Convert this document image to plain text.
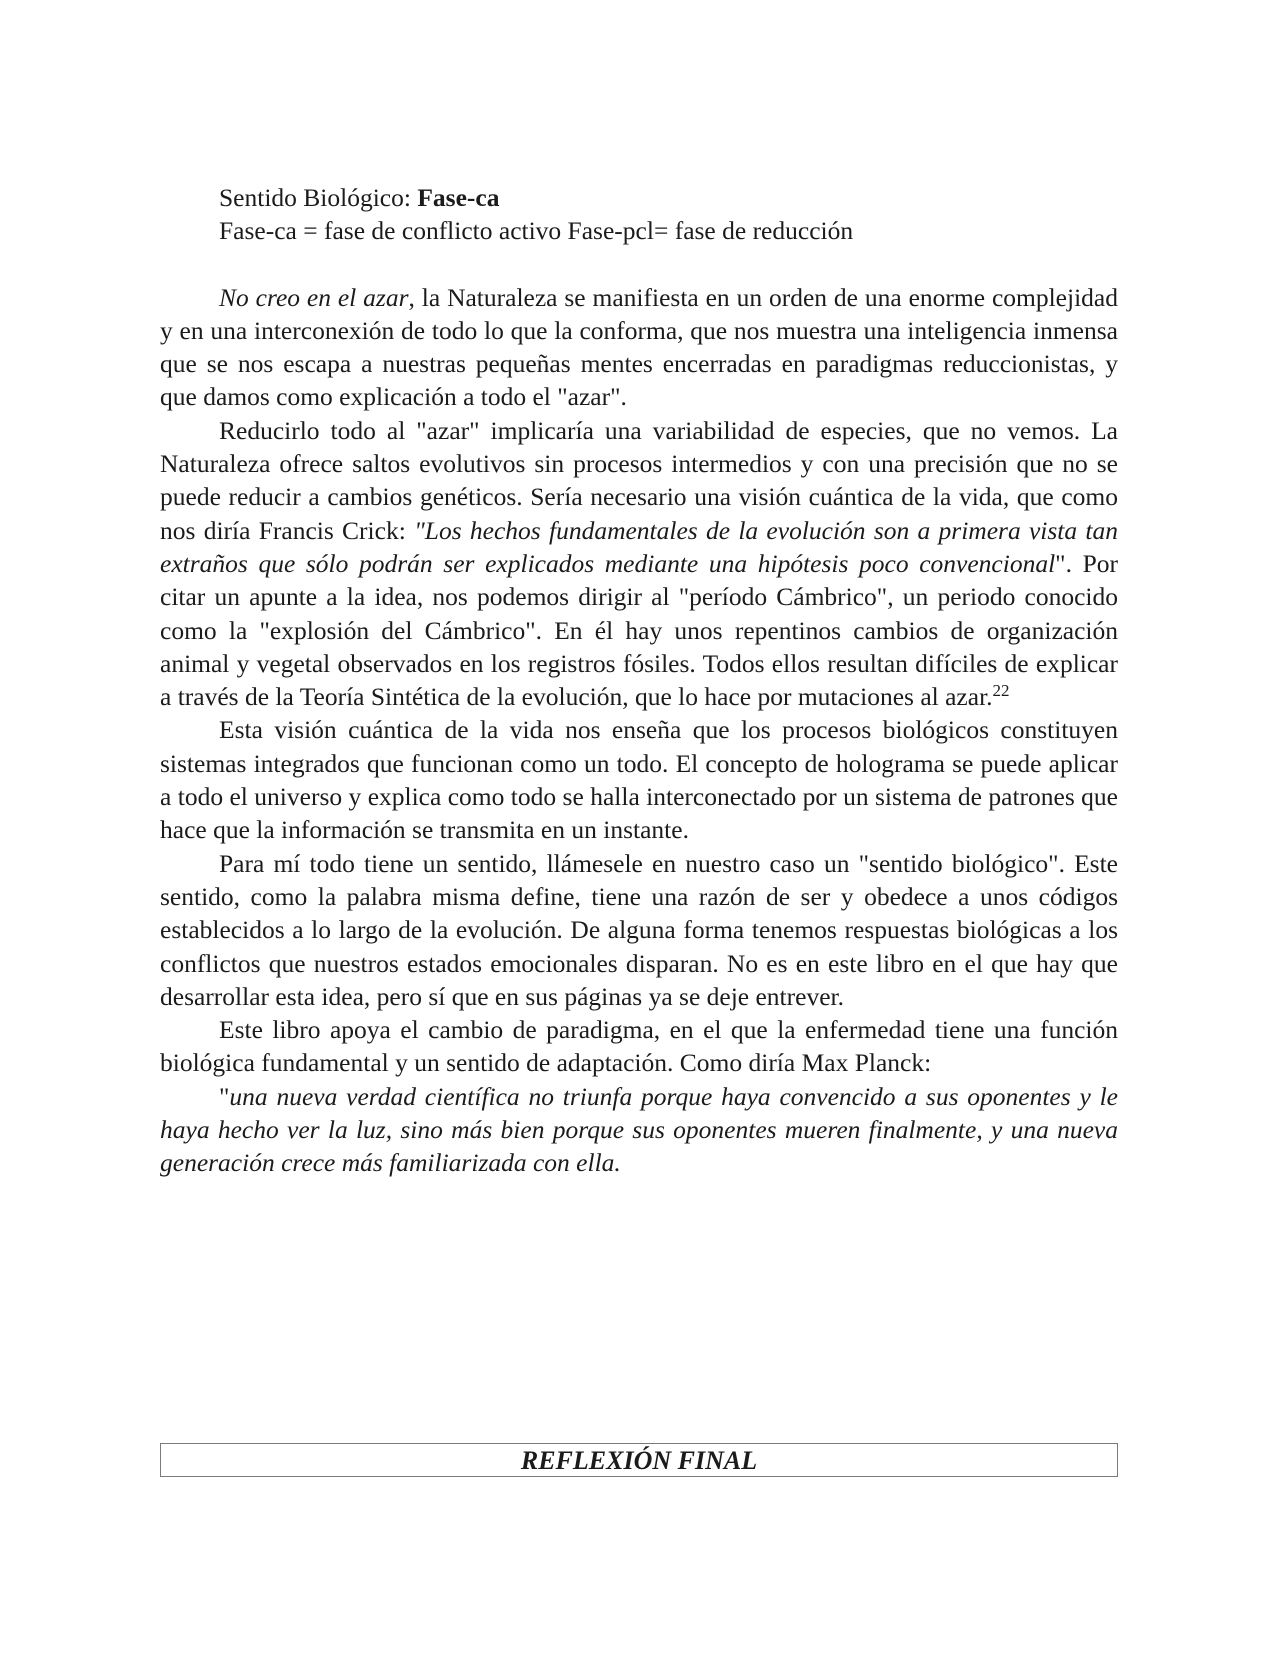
Sentido Biológico: Fase-ca

Fase-ca = fase de conflicto activo Fase-pcl= fase de reducción

No creo en el azar, la Naturaleza se manifiesta en un orden de una enorme complejidad y en una interconexión de todo lo que la conforma, que nos muestra una inteligencia inmensa que se nos escapa a nuestras pequeñas mentes encerradas en paradigmas reduccionistas, y que damos como explicación a todo el "azar".

Reducirlo todo al "azar" implicaría una variabilidad de especies, que no vemos. La Naturaleza ofrece saltos evolutivos sin procesos intermedios y con una precisión que no se puede reducir a cambios genéticos. Sería necesario una visión cuántica de la vida, que como nos diría Francis Crick: "Los hechos fundamentales de la evolución son a primera vista tan extraños que sólo podrán ser explicados mediante una hipótesis poco convencional". Por citar un apunte a la idea, nos podemos dirigir al "período Cámbrico", un periodo conocido como la "explosión del Cámbrico". En él hay unos repentinos cambios de organización animal y vegetal observados en los registros fósiles. Todos ellos resultan difíciles de explicar a través de la Teoría Sintética de la evolución, que lo hace por mutaciones al azar.$^{22}$

Esta visión cuántica de la vida nos enseña que los procesos biológicos constituyen sistemas integrados que funcionan como un todo. El concepto de holograma se puede aplicar a todo el universo y explica como todo se halla interconectado por un sistema de patrones que hace que la información se transmita en un instante.

Para mí todo tiene un sentido, llámesele en nuestro caso un "sentido biológico". Este sentido, como la palabra misma define, tiene una razón de ser y obedece a unos códigos establecidos a lo largo de la evolución. De alguna forma tenemos respuestas biológicas a los conflictos que nuestros estados emocionales disparan. No es en este libro en el que hay que desarrollar esta idea, pero sí que en sus páginas ya se deje entrever.

Este libro apoya el cambio de paradigma, en el que la enfermedad tiene una función biológica fundamental y un sentido de adaptación. Como diría Max Planck:

"una nueva verdad científica no triunfa porque haya convencido a sus oponentes y le haya hecho ver la luz, sino más bien porque sus oponentes mueren finalmente, y una nueva generación crece más familiarizada con ella.

REFLEXIÓN FINAL
